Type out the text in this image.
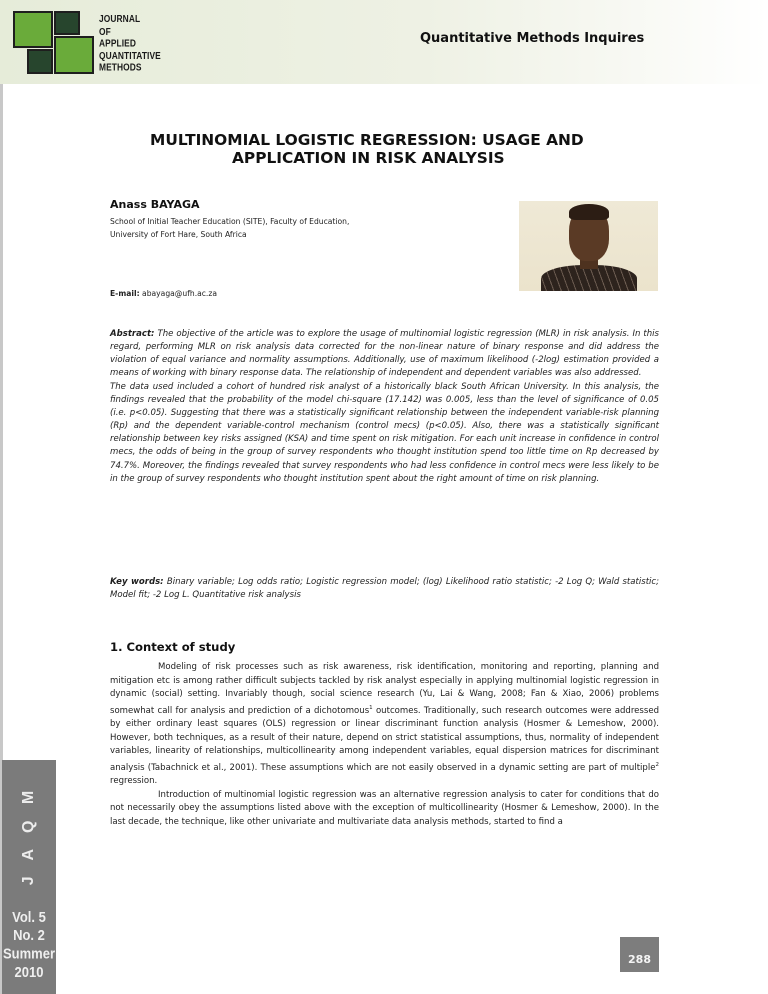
JOURNAL
OF
APPLIED
QUANTITATIVE
METHODS
Quantitative Methods Inquires
J A Q M
Vol. 5
No. 2
Summer
2010
MULTINOMIAL LOGISTIC REGRESSION: USAGE AND
APPLICATION IN RISK ANALYSIS
Anass BAYAGA
School of Initial Teacher Education (SITE), Faculty of Education,
University of Fort Hare, South Africa
E-mail: abayaga@ufh.ac.za

Abstract: The objective of the article was to explore the usage of multinomial logistic regression (MLR) in risk analysis. In this regard, performing MLR on risk analysis data corrected for the non-linear nature of binary response and did address the violation of equal variance and normality assumptions. Additionally, use of maximum likelihood (-2log) estimation provided a means of working with binary response data. The relationship of independent and dependent variables was also addressed.

The data used included a cohort of hundred risk analyst of a historically black South African University. In this analysis, the findings revealed that the probability of the model chi-square (17.142) was 0.005, less than the level of significance of 0.05 (i.e. p<0.05). Suggesting that there was a statistically significant relationship between the independent variable-risk planning (Rp) and the dependent variable-control mechanism (control mecs) (p<0.05). Also, there was a statistically significant relationship between key risks assigned (KSA) and time spent on risk mitigation. For each unit increase in confidence in control mecs, the odds of being in the group of survey respondents who thought institution spend too little time on Rp decreased by 74.7%. Moreover, the findings revealed that survey respondents who had less confidence in control mecs were less likely to be in the group of survey respondents who thought institution spent about the right amount of time on risk planning.

Key words: Binary variable; Log odds ratio; Logistic regression model; (log) Likelihood ratio statistic; -2 Log Q; Wald statistic; Model fit; -2 Log L. Quantitative risk analysis
1. Context of study

Modeling of risk processes such as risk awareness, risk identification, monitoring and reporting, planning and mitigation etc is among rather difficult subjects tackled by risk analyst especially in applying multinomial logistic regression in dynamic (social) setting. Invariably though, social science research (Yu, Lai & Wang, 2008; Fan & Xiao, 2006) problems somewhat call for analysis and prediction of a dichotomous$^1$ outcomes. Traditionally, such research outcomes were addressed by either ordinary least squares (OLS) regression or linear discriminant function analysis (Hosmer & Lemeshow, 2000). However, both techniques, as a result of their nature, depend on strict statistical assumptions, thus, normality of independent variables, linearity of relationships, multicollinearity among independent variables, equal dispersion matrices for discriminant analysis (Tabachnick et al., 2001). These assumptions which are not easily observed in a dynamic setting are part of multiple$^2$ regression.

Introduction of multinomial logistic regression was an alternative regression analysis to cater for conditions that do not necessarily obey the assumptions listed above with the exception of multicollinearity (Hosmer & Lemeshow, 2000). In the last decade, the technique, like other univariate and multivariate data analysis methods, started to find a

288
